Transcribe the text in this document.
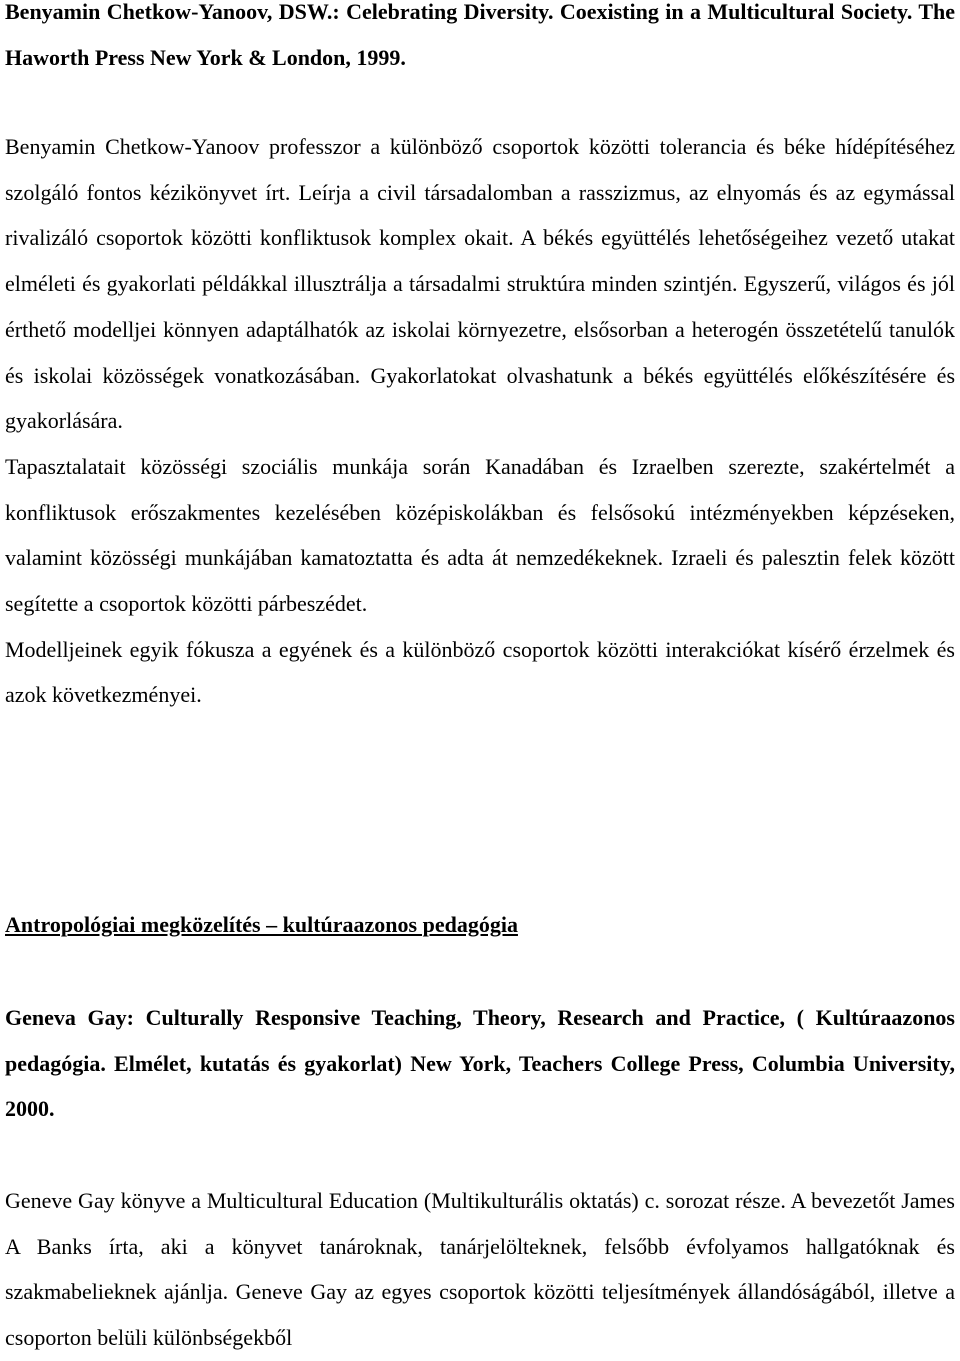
Benyamin Chetkow-Yanoov, DSW.: Celebrating Diversity. Coexisting in a Multicultural Society. The Haworth Press New York & London, 1999.

Benyamin Chetkow-Yanoov professzor a különböző csoportok közötti tolerancia és béke hídépítéséhez szolgáló fontos kézikönyvet írt. Leírja a civil társadalomban a rasszizmus, az elnyomás és az egymással rivalizáló csoportok közötti konfliktusok komplex okait. A békés együttélés lehetőségeihez vezető utakat elméleti és gyakorlati példákkal illusztrálja a társadalmi struktúra minden szintjén. Egyszerű, világos és jól érthető modelljei könnyen adaptálhatók az iskolai környezetre, elsősorban a heterogén összetételű tanulók és iskolai közösségek vonatkozásában. Gyakorlatokat olvashatunk a békés együttélés előkészítésére és gyakorlására.
Tapasztalatait közösségi szociális munkája során Kanadában és Izraelben szerezte, szakértelmét a konfliktusok erőszakmentes kezelésében középiskolákban és felsősokú intézményekben képzéseken, valamint közösségi munkájában kamatoztatta és adta át nemzedékeknek. Izraeli és palesztin felek között segítette a csoportok közötti párbeszédet.
Modelljeinek egyik fókusza a egyének és a különböző csoportok közötti interakciókat kísérő érzelmek és azok következményei.

Antropológiai megközelítés – kultúraazonos pedagógia

Geneva Gay: Culturally Responsive Teaching, Theory, Research and Practice, ( Kultúraazonos pedagógia. Elmélet, kutatás és gyakorlat) New York, Teachers College Press, Columbia University, 2000.

Geneve Gay könyve a Multicultural Education (Multikulturális oktatás) c. sorozat része. A bevezetőt James A Banks írta, aki a könyvet tanároknak, tanárjelölteknek, felsőbb évfolyamos hallgatóknak és szakmabelieknek ajánlja. Geneve Gay az egyes csoportok közötti teljesítmények állandóságából, illetve a csoporton belüli különbségekből
